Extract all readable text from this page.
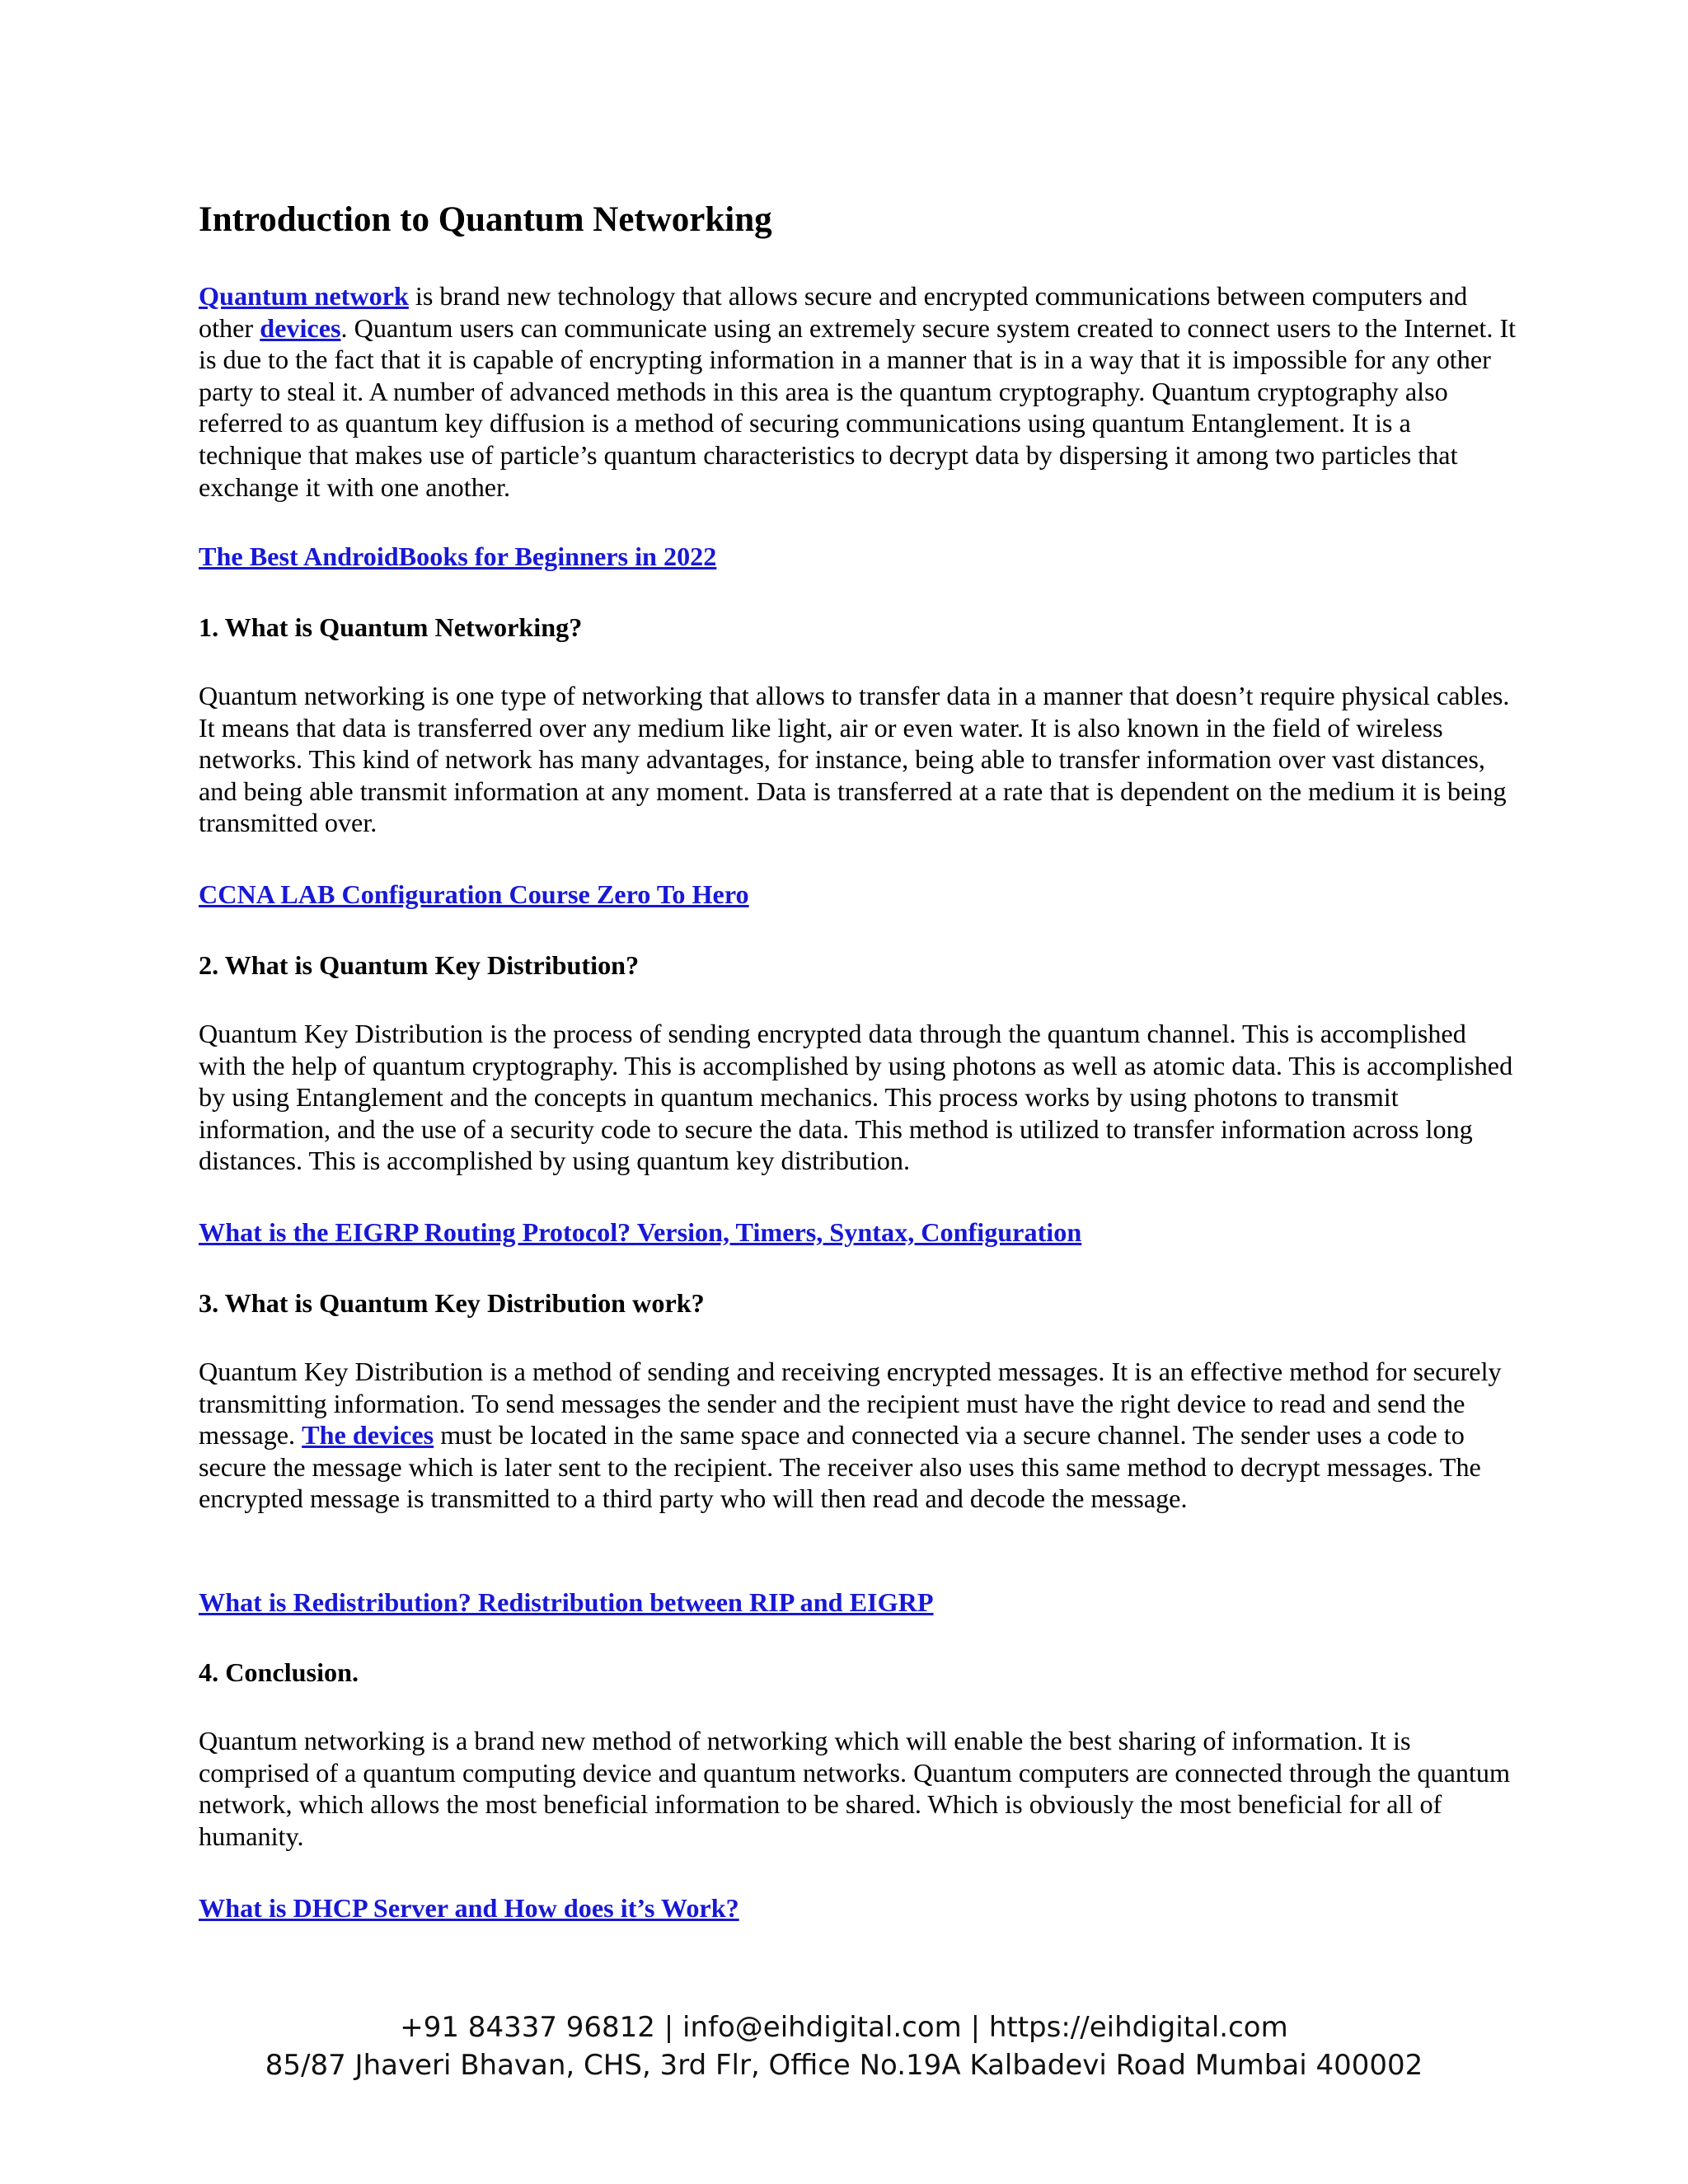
Introduction to Quantum Networking

Quantum network is brand new technology that allows secure and encrypted communications between computers and other devices. Quantum users can communicate using an extremely secure system created to connect users to the Internet. It is due to the fact that it is capable of encrypting information in a manner that is in a way that it is impossible for any other party to steal it. A number of advanced methods in this area is the quantum cryptography. Quantum cryptography also referred to as quantum key diffusion is a method of securing communications using quantum Entanglement. It is a technique that makes use of particle’s quantum characteristics to decrypt data by dispersing it among two particles that exchange it with one another.

The Best AndroidBooks for Beginners in 2022

1. What is Quantum Networking?

Quantum networking is one type of networking that allows to transfer data in a manner that doesn’t require physical cables. It means that data is transferred over any medium like light, air or even water. It is also known in the field of wireless networks. This kind of network has many advantages, for instance, being able to transfer information over vast distances, and being able transmit information at any moment. Data is transferred at a rate that is dependent on the medium it is being transmitted over.

CCNA LAB Configuration Course Zero To Hero

2. What is Quantum Key Distribution?

Quantum Key Distribution is the process of sending encrypted data through the quantum channel. This is accomplished with the help of quantum cryptography. This is accomplished by using photons as well as atomic data. This is accomplished by using Entanglement and the concepts in quantum mechanics. This process works by using photons to transmit information, and the use of a security code to secure the data. This method is utilized to transfer information across long distances. This is accomplished by using quantum key distribution.

What is the EIGRP Routing Protocol? Version, Timers, Syntax, Configuration

3. What is Quantum Key Distribution work?

Quantum Key Distribution is a method of sending and receiving encrypted messages. It is an effective method for securely transmitting information. To send messages the sender and the recipient must have the right device to read and send the message. The devices must be located in the same space and connected via a secure channel. The sender uses a code to secure the message which is later sent to the recipient. The receiver also uses this same method to decrypt messages. The encrypted message is transmitted to a third party who will then read and decode the message.

What is Redistribution? Redistribution between RIP and EIGRP

4. Conclusion.

Quantum networking is a brand new method of networking which will enable the best sharing of information. It is comprised of a quantum computing device and quantum networks. Quantum computers are connected through the quantum network, which allows the most beneficial information to be shared. Which is obviously the most beneficial for all of humanity.

What is DHCP Server and How does it’s Work?

+91 84337 96812 | info@eihdigital.com | https://eihdigital.com
85/87 Jhaveri Bhavan, CHS, 3rd Flr, Office No.19A Kalbadevi Road Mumbai 400002
